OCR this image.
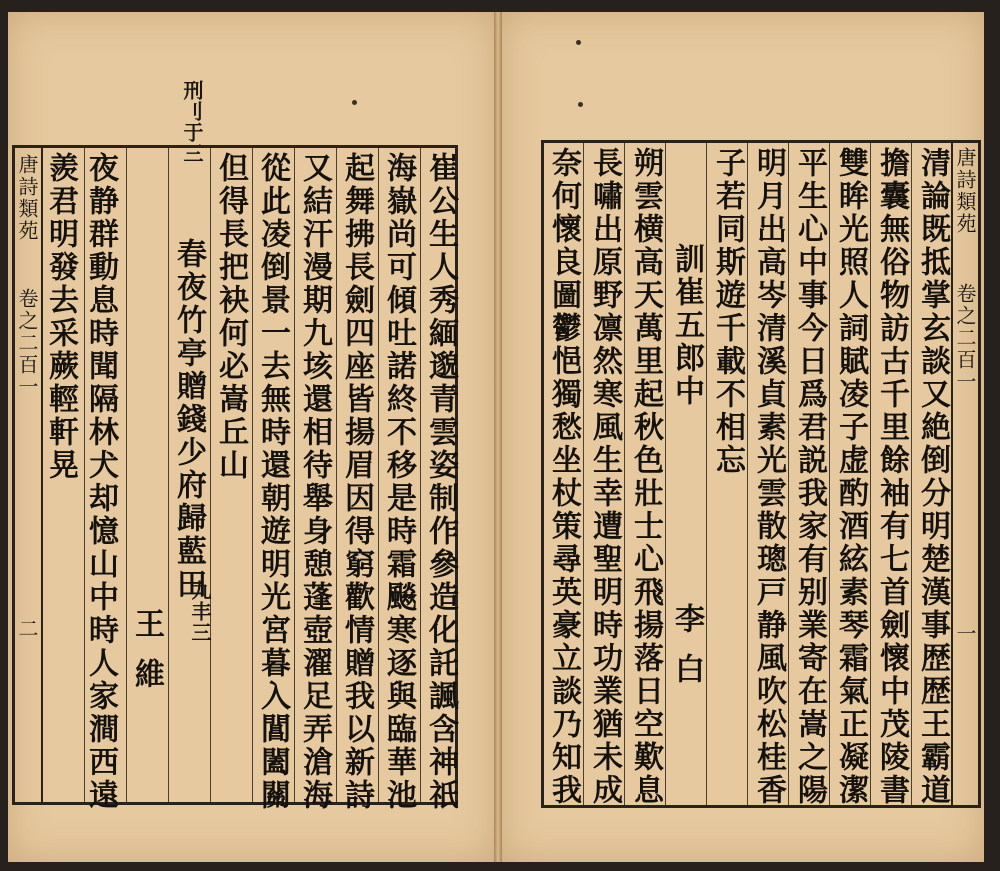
刑刂于三
唐詩類苑
卷之二百一
二	崔公生人秀緬邈青雲姿制作參造化託諷含神祇
海嶽尚可傾吐諾終不移是時霜飈寒逐與臨華池
起舞拂長劍四座皆揚眉因得窮歡情贈我以新詩
又結汗漫期九垓還相待舉身憩蓬壺濯足弄滄海
從此凌倒景一去無時還朝遊明光宮暮入閶闔關
但得長把袂何必嵩丘山
春夜竹亭贈錢少府歸藍田
王維
夜静群動息時聞隔林犬却憶山中時人家澗西遠
羨君明發去采蕨輕軒晃
九丰三
唐詩類苑
卷之二百一
一
清論既抵掌玄談又絶倒分明楚漢事歴歴王霸道
擔囊無俗物訪古千里餘袖有七首劍懷中茂陵書
雙眸光照人詞賦凌子虚酌酒絃素琴霜氣正凝潔
平生心中事今日爲君説我家有别業寄在嵩之陽
明月出高岑清溪貞素光雲散璁戸静風吹松桂香
子若同斯遊千載不相忘
訓崔五郎中
李白
朔雲横高天萬里起秋色壯士心飛揚落日空歎息
長嘯出原野凛然寒風生幸遭聖明時功業猶未成
奈何懷良圖鬱悒獨愁坐杖策尋英豪立談乃知我
